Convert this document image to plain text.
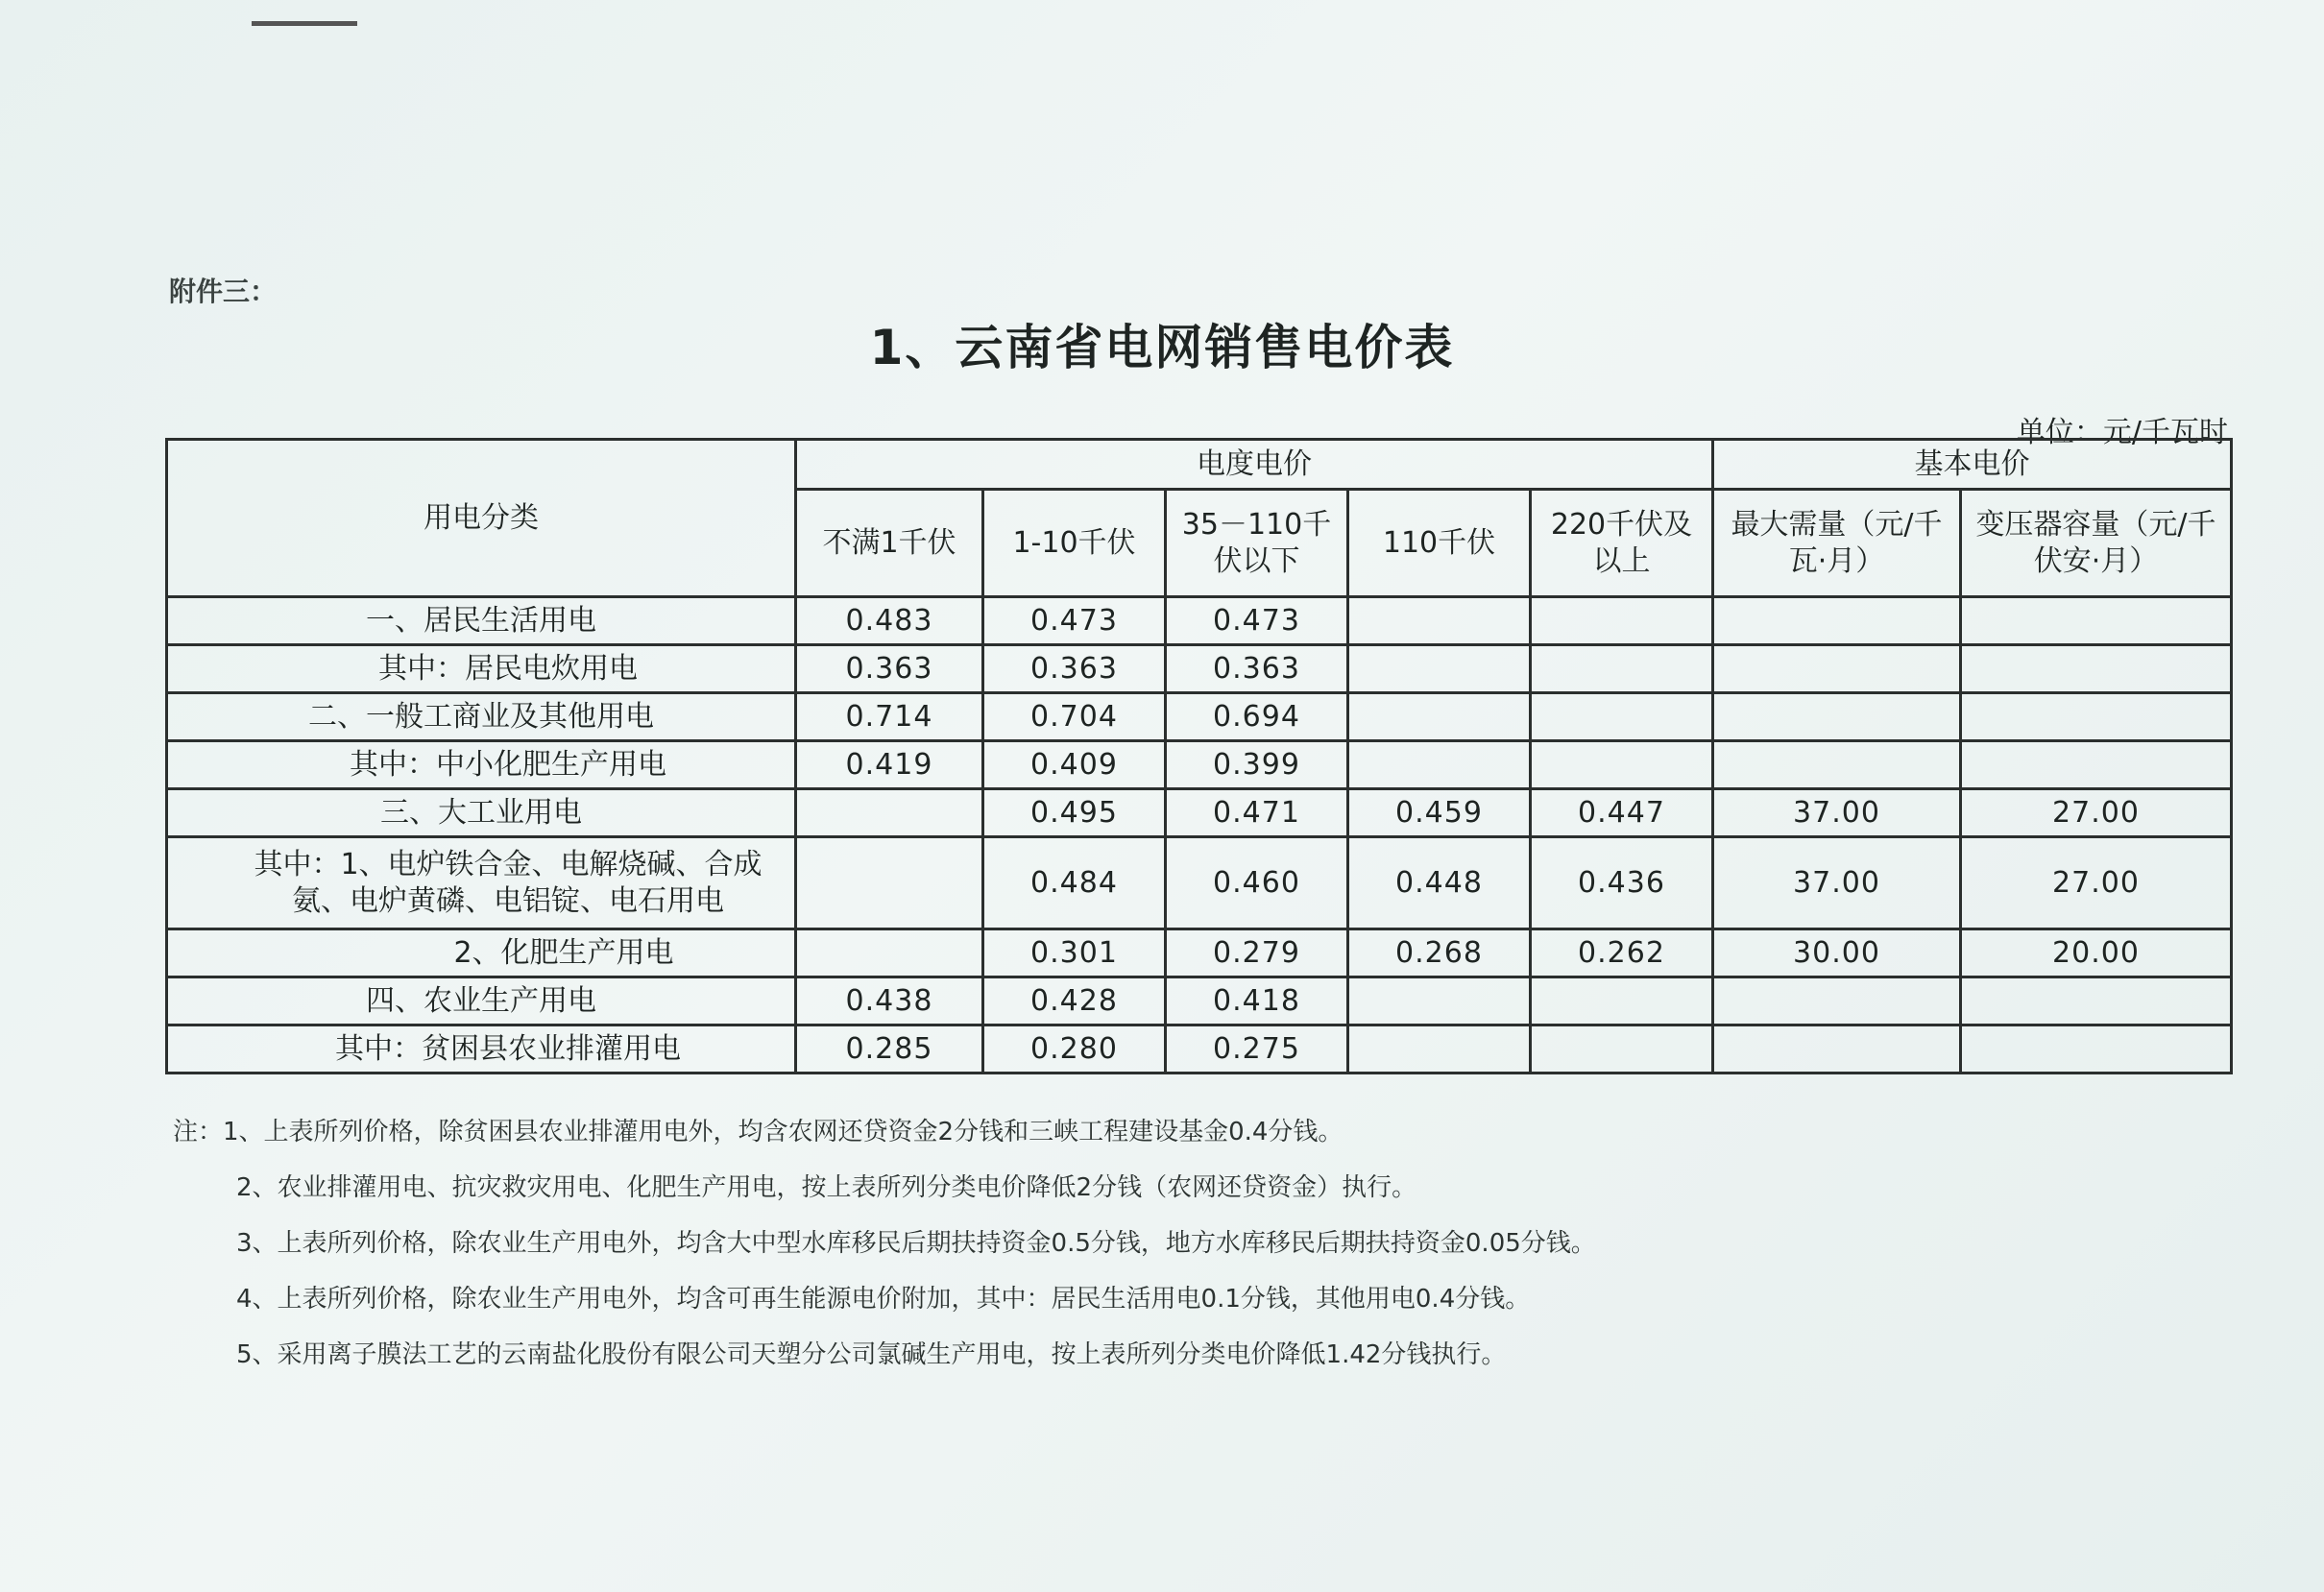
附件三：
1、云南省电网销售电价表
单位：元/千瓦时
用电分类	电度电价					基本电价	
	不满1千伏	1-10千伏	35－110千伏以下	110千伏	220千伏及以上	最大需量（元/千瓦·月）	变压器容量（元/千伏安·月）
一、居民生活用电	0.483	0.473	0.473				
其中：居民电炊用电	0.363	0.363	0.363				
二、一般工商业及其他用电	0.714	0.704	0.694				
其中：中小化肥生产用电	0.419	0.409	0.399				
三、大工业用电		0.495	0.471	0.459	0.447	37.00	27.00
其中：1、电炉铁合金、电解烧碱、合成氨、电炉黄磷、电铝锭、电石用电		0.484	0.460	0.448	0.436	37.00	27.00
2、化肥生产用电		0.301	0.279	0.268	0.262	30.00	20.00
四、农业生产用电	0.438	0.428	0.418				
其中：贫困县农业排灌用电	0.285	0.280	0.275				
注：1、上表所列价格，除贫困县农业排灌用电外，均含农网还贷资金2分钱和三峡工程建设基金0.4分钱。
2、农业排灌用电、抗灾救灾用电、化肥生产用电，按上表所列分类电价降低2分钱（农网还贷资金）执行。
3、上表所列价格，除农业生产用电外，均含大中型水库移民后期扶持资金0.5分钱，地方水库移民后期扶持资金0.05分钱。
4、上表所列价格，除农业生产用电外，均含可再生能源电价附加，其中：居民生活用电0.1分钱，其他用电0.4分钱。
5、采用离子膜法工艺的云南盐化股份有限公司天塑分公司氯碱生产用电，按上表所列分类电价降低1.42分钱执行。
